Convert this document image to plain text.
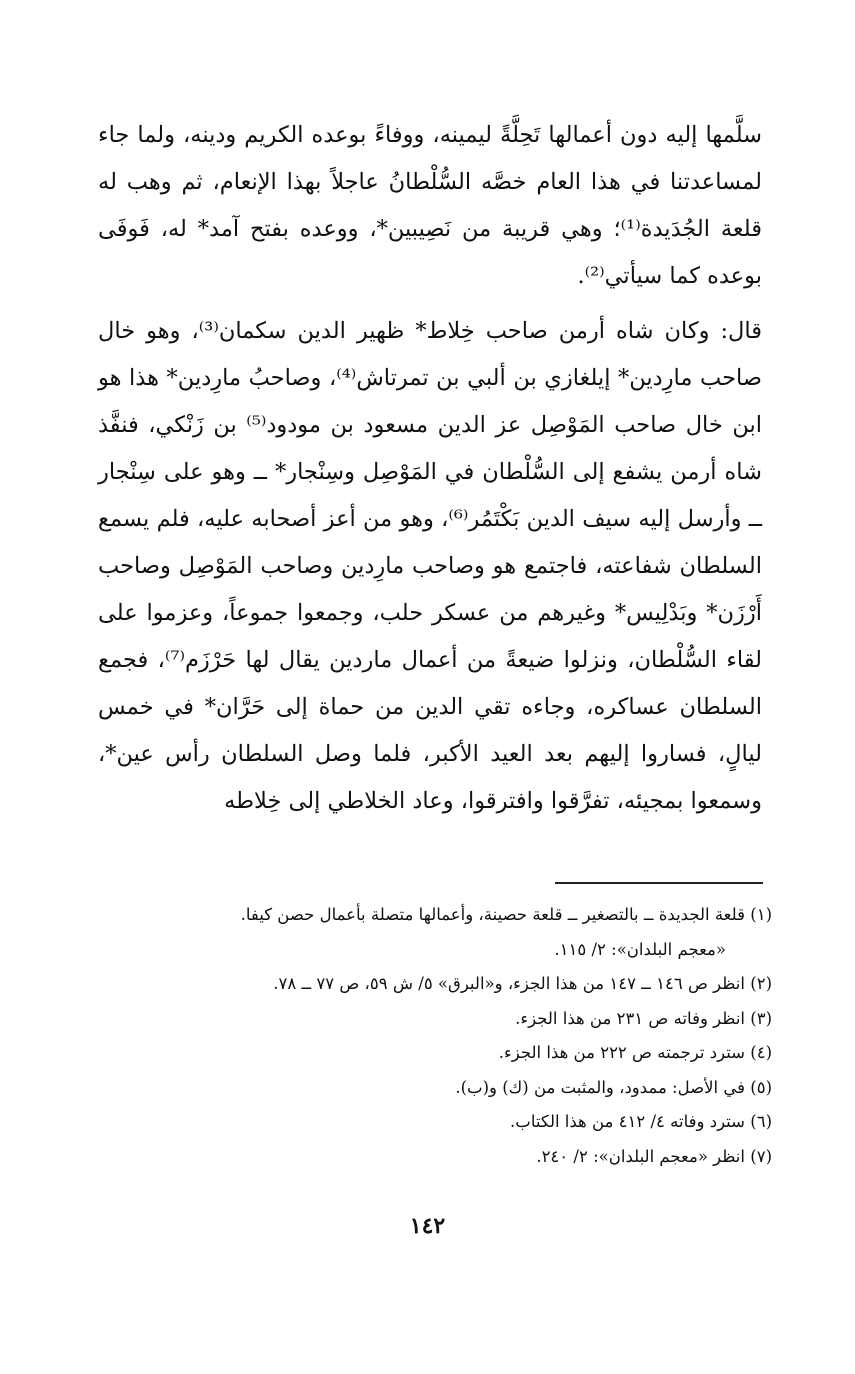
سلَّمها إليه دون أعمالها تَحِلَّةً ليمينه، ووفاءً بوعده الكريم ودينه، ولما جاء لمساعدتنا في هذا العام خصَّه السُّلْطانُ عاجلاً بهذا الإنعام، ثم وهب له قلعة الجُدَيدة⁽¹⁾؛ وهي قريبة من نَصِيبين*، ووعده بفتح آمد* له، فَوفَى بوعده كما سيأتي⁽²⁾.

قال: وكان شاه أرمن صاحب خِلاط* ظهير الدين سكمان⁽³⁾، وهو خال صاحب مارِدين* إيلغازي بن ألبي بن تمرتاش⁽⁴⁾، وصاحبُ مارِدين* هذا هو ابن خال صاحب المَوْصِل عز الدين مسعود بن مودود⁽⁵⁾ بن زَنْكي، فنفَّذ شاه أرمن يشفع إلى السُّلْطان في المَوْصِل وسِنْجار* ــ وهو على سِنْجار ــ وأرسل إليه سيف الدين بَكْتَمُر⁽⁶⁾، وهو من أعز أصحابه عليه، فلم يسمع السلطان شفاعته، فاجتمع هو وصاحب مارِدين وصاحب المَوْصِل وصاحب أَرْزَن* وبَدْلِيس* وغيرهم من عسكر حلب، وجمعوا جموعاً، وعزموا على لقاء السُّلْطان، ونزلوا ضيعةً من أعمال ماردين يقال لها حَرْزَم⁽⁷⁾، فجمع السلطان عساكره، وجاءه تقي الدين من حماة إلى حَرَّان* في خمس ليالٍ، فساروا إليهم بعد العيد الأكبر، فلما وصل السلطان رأس عين*، وسمعوا بمجيئه، تفرَّقوا وافترقوا، وعاد الخلاطي إلى خِلاطه

(١) قلعة الجديدة ــ بالتصغير ــ قلعة حصينة، وأعمالها متصلة بأعمال حصن كيفا.
«معجم البلدان»: ٢/ ١١٥.
(٢) انظر ص ١٤٦ ــ ١٤٧ من هذا الجزء، و«البرق» ٥/ ش ٥٩، ص ٧٧ ــ ٧٨.
(٣) انظر وفاته ص ٢٣١ من هذا الجزء.
(٤) سترد ترجمته ص ٢٢٢ من هذا الجزء.
(٥) في الأصل: ممدود، والمثبت من (ك) و(ب).
(٦) سترد وفاته ٤/ ٤١٢ من هذا الكتاب.
(٧) انظر «معجم البلدان»: ٢/ ٢٤٠.
١٤٢
